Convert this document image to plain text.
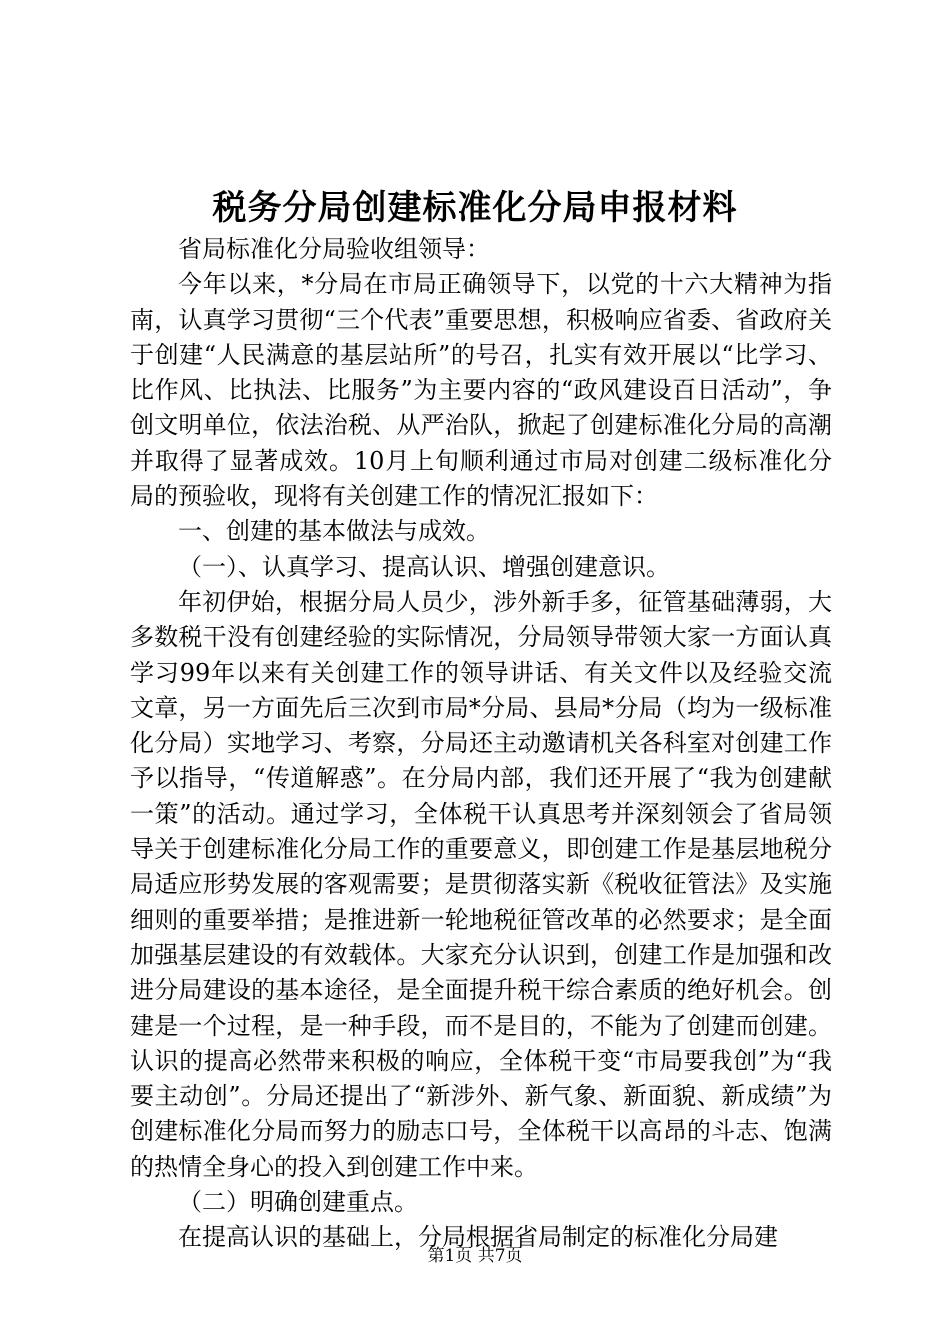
税务分局创建标准化分局申报材料

省局标准化分局验收组领导：

今年以来，*分局在市局正确领导下，以党的十六大精神为指南，认真学习贯彻“三个代表”重要思想，积极响应省委、省政府关于创建“人民满意的基层站所”的号召，扎实有效开展以“比学习、比作风、比执法、比服务”为主要内容的“政风建设百日活动”，争创文明单位，依法治税、从严治队，掀起了创建标准化分局的高潮并取得了显著成效。10月上旬顺利通过市局对创建二级标准化分局的预验收，现将有关创建工作的情况汇报如下：

一、创建的基本做法与成效。

（一）、认真学习、提高认识、增强创建意识。

年初伊始，根据分局人员少，涉外新手多，征管基础薄弱，大多数税干没有创建经验的实际情况，分局领导带领大家一方面认真学习99年以来有关创建工作的领导讲话、有关文件以及经验交流文章，另一方面先后三次到市局*分局、县局*分局（均为一级标准化分局）实地学习、考察，分局还主动邀请机关各科室对创建工作予以指导，“传道解惑”。在分局内部，我们还开展了“我为创建献一策”的活动。通过学习，全体税干认真思考并深刻领会了省局领导关于创建标准化分局工作的重要意义，即创建工作是基层地税分局适应形势发展的客观需要；是贯彻落实新《税收征管法》及实施细则的重要举措；是推进新一轮地税征管改革的必然要求；是全面加强基层建设的有效载体。大家充分认识到，创建工作是加强和改进分局建设的基本途径，是全面提升税干综合素质的绝好机会。创建是一个过程，是一种手段，而不是目的，不能为了创建而创建。认识的提高必然带来积极的响应，全体税干变“市局要我创”为“我要主动创”。分局还提出了“新涉外、新气象、新面貌、新成绩”为创建标准化分局而努力的励志口号，全体税干以高昂的斗志、饱满的热情全身心的投入到创建工作中来。

（二）明确创建重点。

在提高认识的基础上，分局根据省局制定的标准化分局建

第1页 共7页
